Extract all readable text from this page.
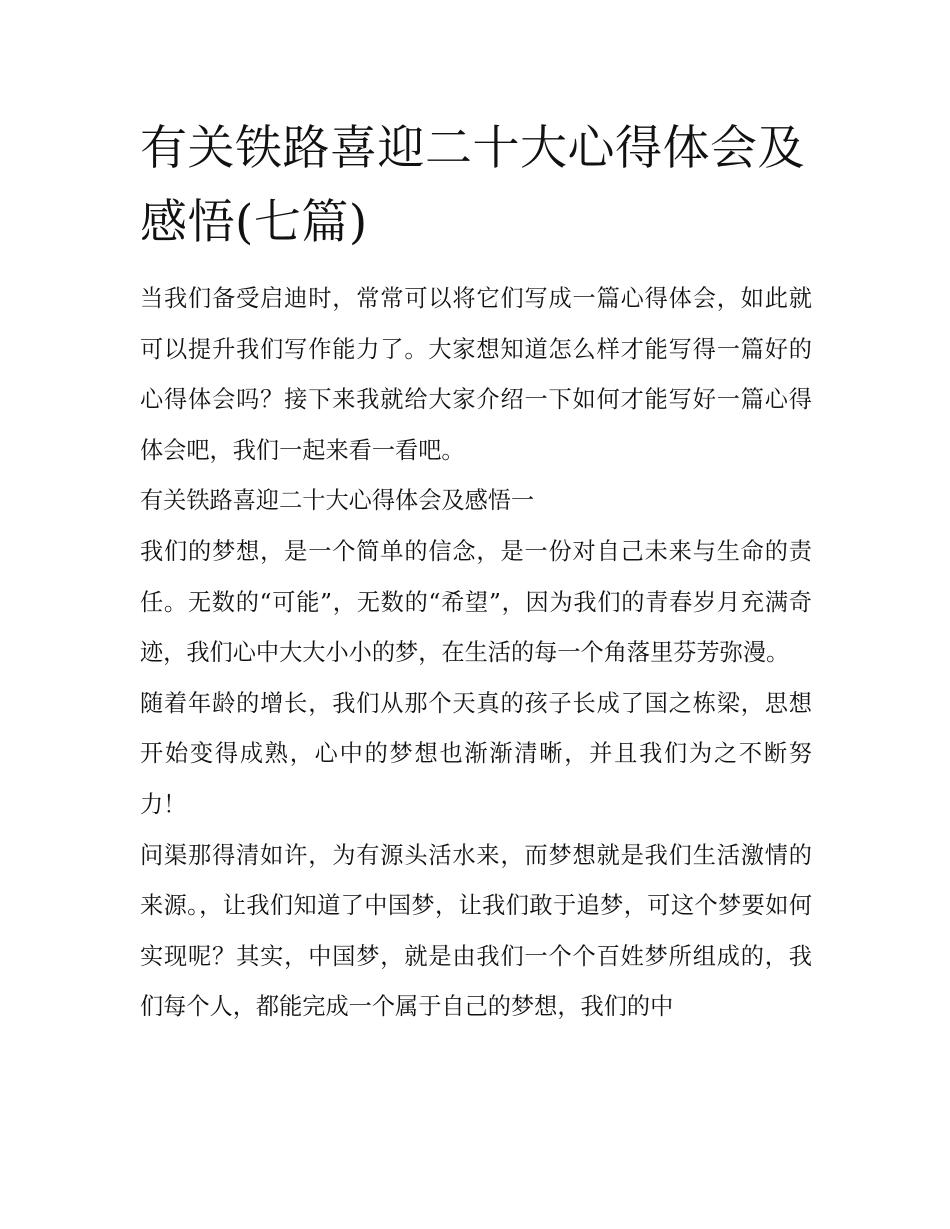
有关铁路喜迎二十大心得体会及感悟(七篇)

当我们备受启迪时，常常可以将它们写成一篇心得体会，如此就可以提升我们写作能力了。大家想知道怎么样才能写得一篇好的心得体会吗？接下来我就给大家介绍一下如何才能写好一篇心得体会吧，我们一起来看一看吧。

有关铁路喜迎二十大心得体会及感悟一

我们的梦想，是一个简单的信念，是一份对自己未来与生命的责任。无数的“可能”，无数的“希望”，因为我们的青春岁月充满奇迹，我们心中大大小小的梦，在生活的每一个角落里芬芳弥漫。

随着年龄的增长，我们从那个天真的孩子长成了国之栋梁，思想开始变得成熟，心中的梦想也渐渐清晰，并且我们为之不断努力！

问渠那得清如许，为有源头活水来，而梦想就是我们生活激情的来源。，让我们知道了中国梦，让我们敢于追梦，可这个梦要如何实现呢？其实，中国梦，就是由我们一个个百姓梦所组成的，我们每个人，都能完成一个属于自己的梦想，我们的中
